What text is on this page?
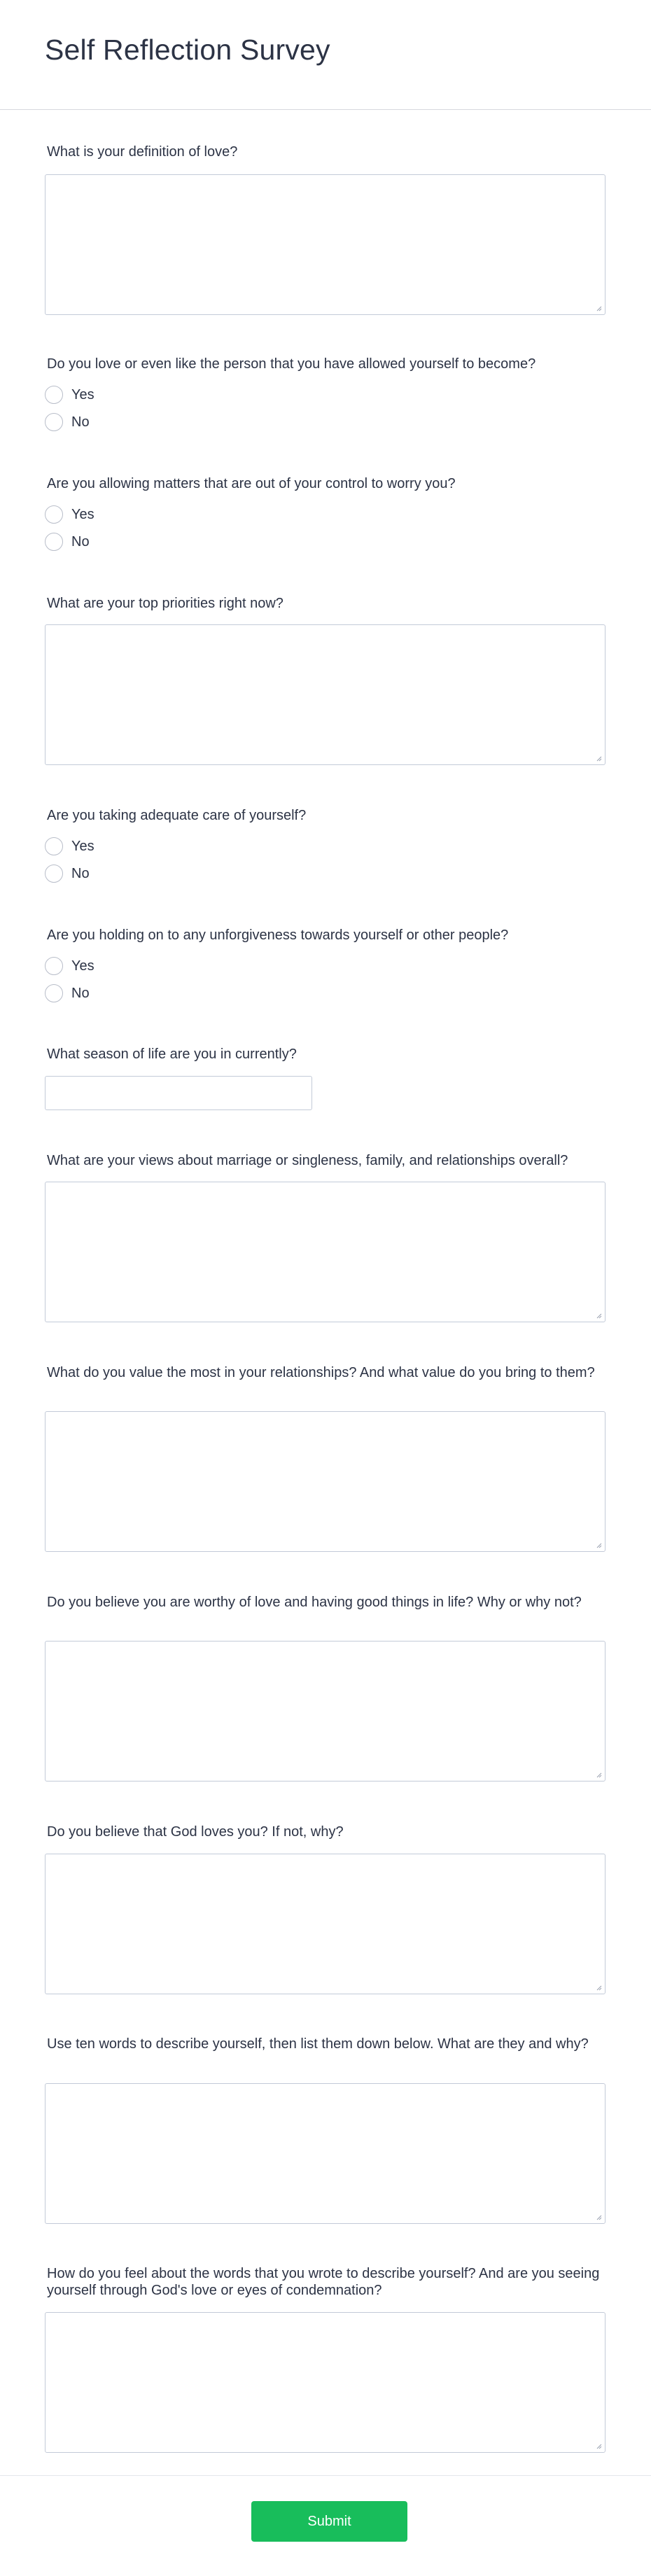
Self Reflection Survey
What is your definition of love?
Do you love or even like the person that you have allowed yourself to become?
Yes
No
Are you allowing matters that are out of your control to worry you?
Yes
No
What are your top priorities right now?
Are you taking adequate care of yourself?
Yes
No
Are you holding on to any unforgiveness towards yourself or other people?
Yes
No
What season of life are you in currently?
What are your views about marriage or singleness, family, and relationships overall?
What do you value the most in your relationships? And what value do you bring to them?
Do you believe you are worthy of love and having good things in life? Why or why not?
Do you believe that God loves you? If not, why?
Use ten words to describe yourself, then list them down below. What are they and why?
How do you feel about the words that you wrote to describe yourself? And are you seeing yourself through God's love or eyes of condemnation?
Submit
